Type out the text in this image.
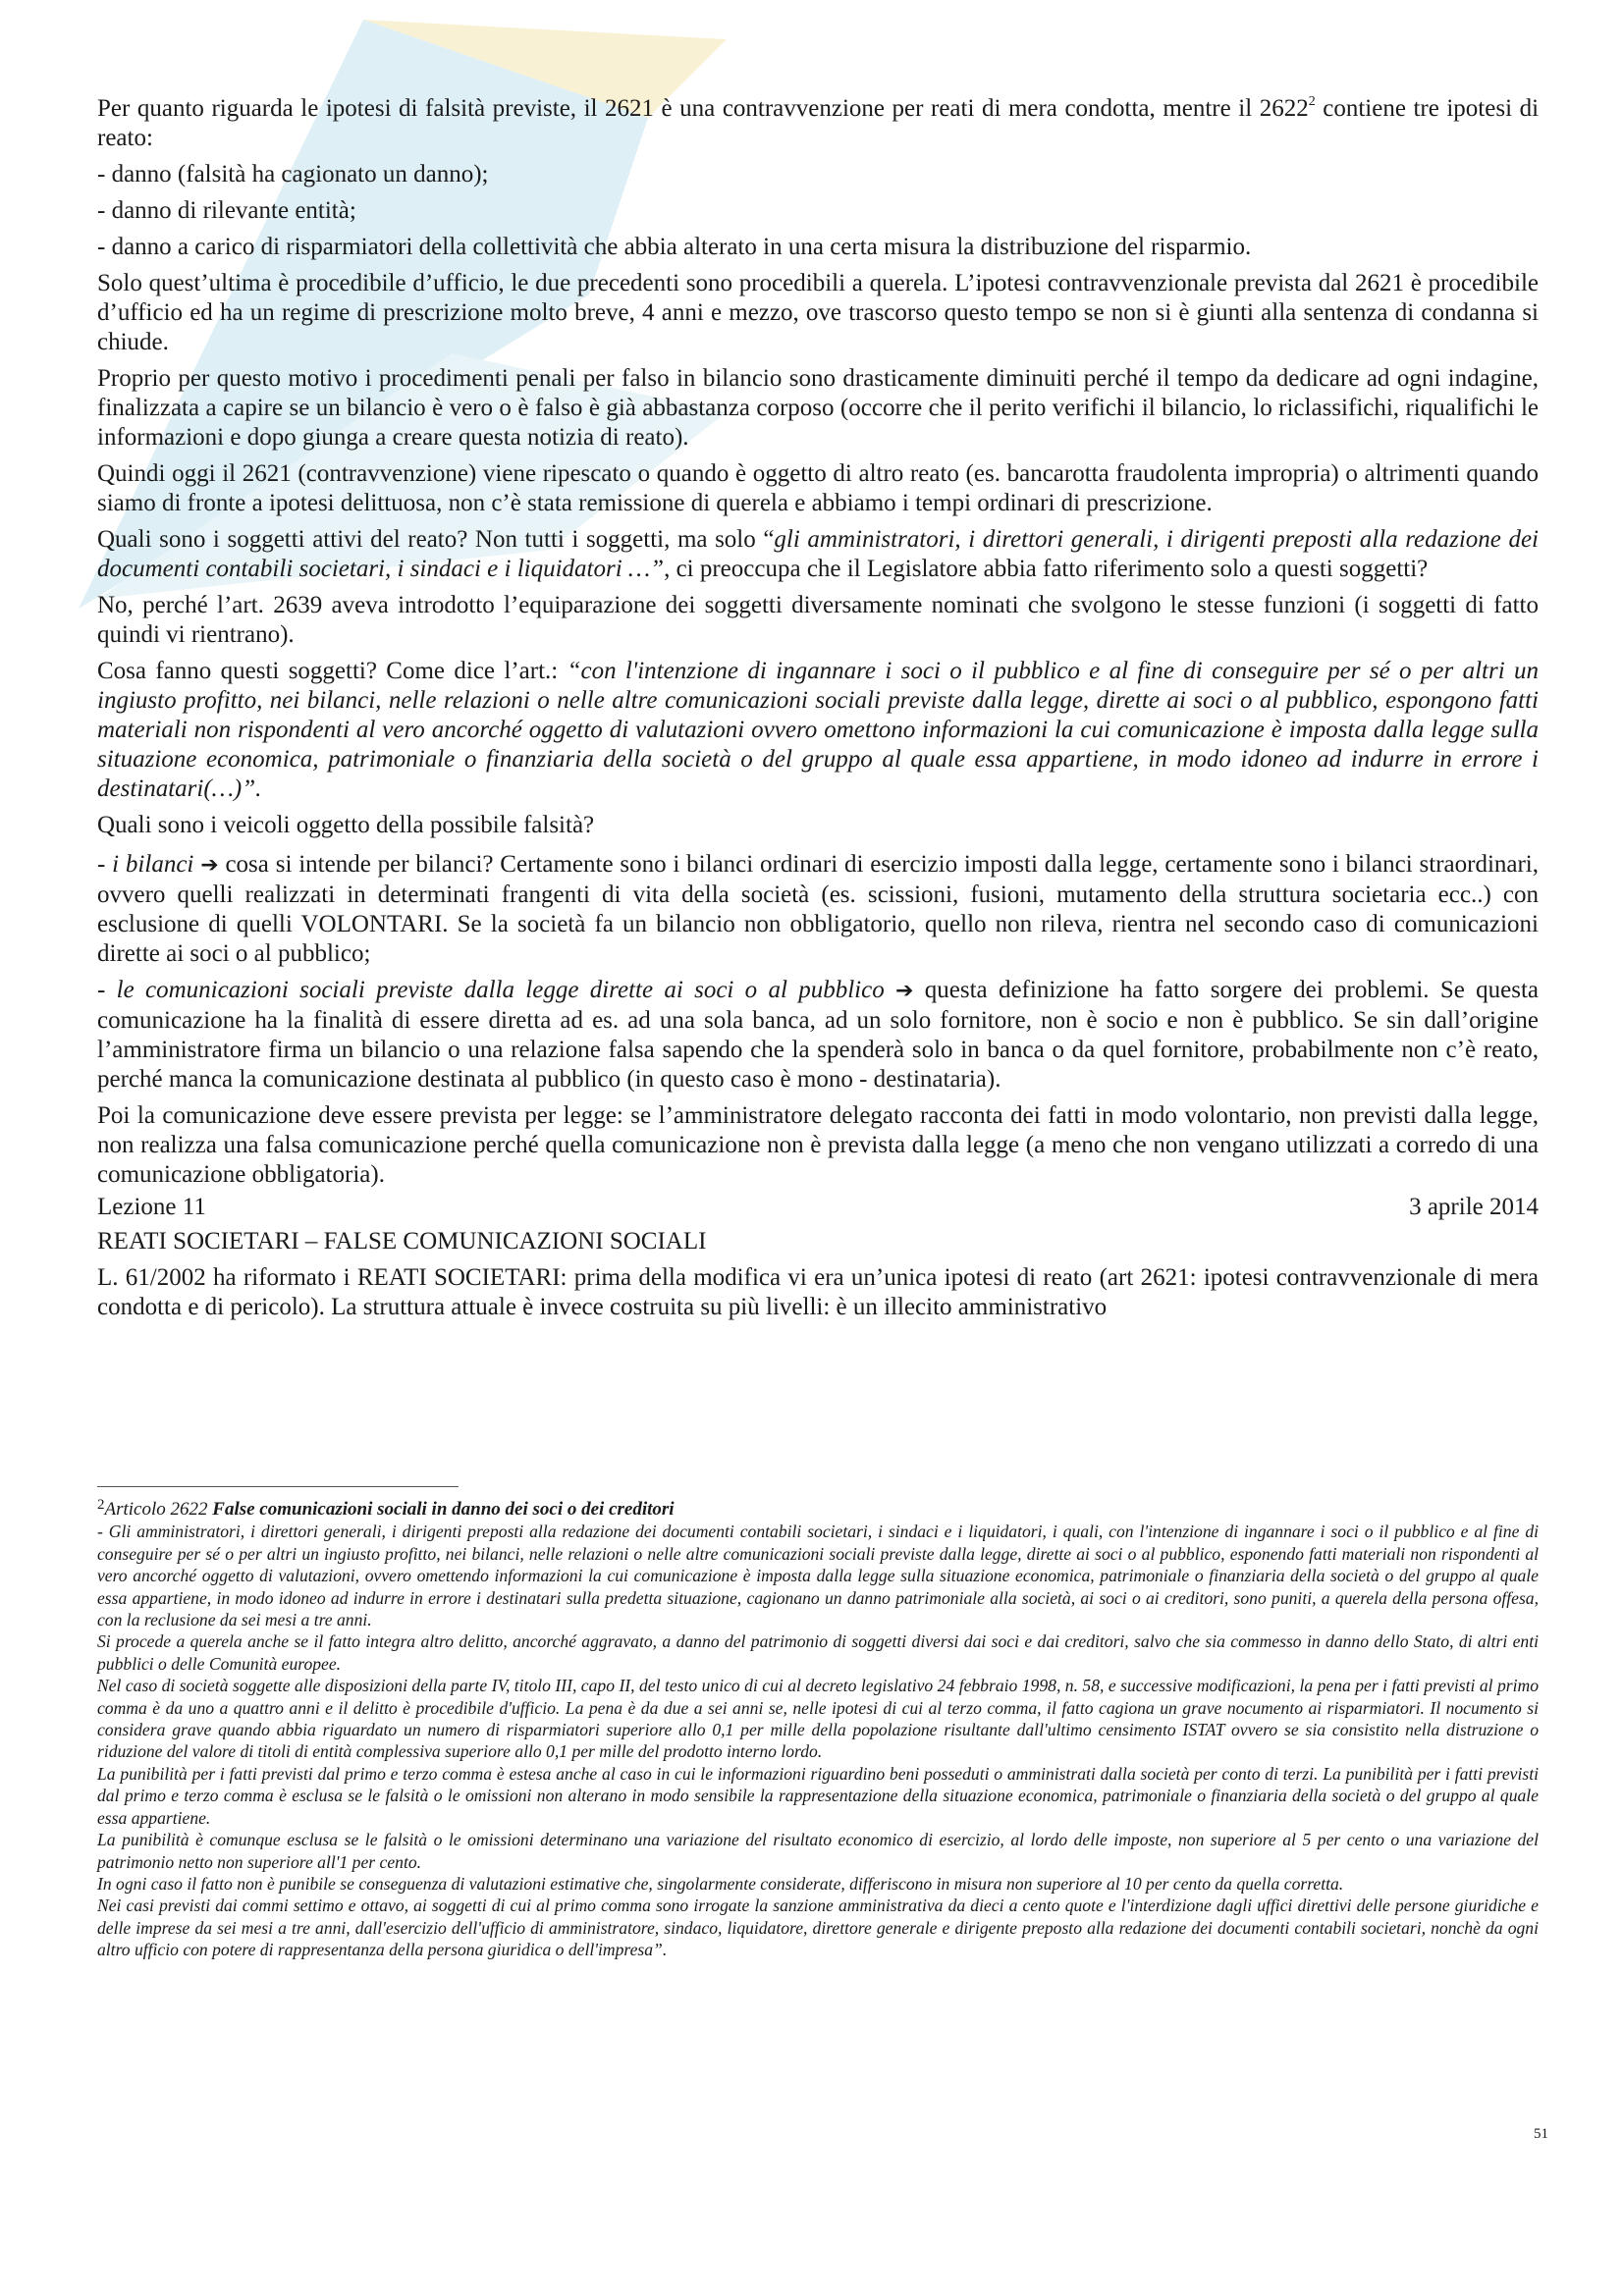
Per quanto riguarda le ipotesi di falsità previste, il 2621 è una contravvenzione per reati di mera condotta, mentre il 2622$^2$ contiene tre ipotesi di reato:

- danno (falsità ha cagionato un danno);

- danno di rilevante entità;

- danno a carico di risparmiatori della collettività che abbia alterato in una certa misura la distribuzione del risparmio.

Solo quest’ultima è procedibile d’ufficio, le due precedenti sono procedibili a querela. L’ipotesi contravvenzionale prevista dal 2621 è procedibile d’ufficio ed ha un regime di prescrizione molto breve, 4 anni e mezzo, ove trascorso questo tempo se non si è giunti alla sentenza di condanna si chiude.

Proprio per questo motivo i procedimenti penali per falso in bilancio sono drasticamente diminuiti perché il tempo da dedicare ad ogni indagine, finalizzata a capire se un bilancio è vero o è falso è già abbastanza corposo (occorre che il perito verifichi il bilancio, lo riclassifichi, riqualifichi le informazioni e dopo giunga a creare questa notizia di reato).

Quindi oggi il 2621 (contravvenzione) viene ripescato o quando è oggetto di altro reato (es. bancarotta fraudolenta impropria) o altrimenti quando siamo di fronte a ipotesi delittuosa, non c’è stata remissione di querela e abbiamo i tempi ordinari di prescrizione.

Quali sono i soggetti attivi del reato? Non tutti i soggetti, ma solo “gli amministratori, i direttori generali, i dirigenti preposti alla redazione dei documenti contabili societari, i sindaci e i liquidatori …”, ci preoccupa che il Legislatore abbia fatto riferimento solo a questi soggetti?

No, perché l’art. 2639 aveva introdotto l’equiparazione dei soggetti diversamente nominati che svolgono le stesse funzioni (i soggetti di fatto quindi vi rientrano).

Cosa fanno questi soggetti? Come dice l’art.: “con l'intenzione di ingannare i soci o il pubblico e al fine di conseguire per sé o per altri un ingiusto profitto, nei bilanci, nelle relazioni o nelle altre comunicazioni sociali previste dalla legge, dirette ai soci o al pubblico, espongono fatti materiali non rispondenti al vero ancorché oggetto di valutazioni ovvero omettono informazioni la cui comunicazione è imposta dalla legge sulla situazione economica, patrimoniale o finanziaria della società o del gruppo al quale essa appartiene, in modo idoneo ad indurre in errore i destinatari(…)”.

Quali sono i veicoli oggetto della possibile falsità?

- i bilanci ➔ cosa si intende per bilanci? Certamente sono i bilanci ordinari di esercizio imposti dalla legge, certamente sono i bilanci straordinari, ovvero quelli realizzati in determinati frangenti di vita della società (es. scissioni, fusioni, mutamento della struttura societaria ecc..) con esclusione di quelli VOLONTARI. Se la società fa un bilancio non obbligatorio, quello non rileva, rientra nel secondo caso di comunicazioni dirette ai soci o al pubblico;

- le comunicazioni sociali previste dalla legge dirette ai soci o al pubblico ➔ questa definizione ha fatto sorgere dei problemi. Se questa comunicazione ha la finalità di essere diretta ad es. ad una sola banca, ad un solo fornitore, non è socio e non è pubblico. Se sin dall’origine l’amministratore firma un bilancio o una relazione falsa sapendo che la spenderà solo in banca o da quel fornitore, probabilmente non c’è reato, perché manca la comunicazione destinata al pubblico (in questo caso è mono - destinataria).

Poi la comunicazione deve essere prevista per legge: se l’amministratore delegato racconta dei fatti in modo volontario, non previsti dalla legge, non realizza una falsa comunicazione perché quella comunicazione non è prevista dalla legge (a meno che non vengano utilizzati a corredo di una comunicazione obbligatoria).

Lezione 11	3 aprile 2014

REATI SOCIETARI – FALSE COMUNICAZIONI SOCIALI

L. 61/2002 ha riformato i REATI SOCIETARI: prima della modifica vi era un’unica ipotesi di reato (art 2621: ipotesi contravvenzionale di mera condotta e di pericolo). La struttura attuale è invece costruita su più livelli: è un illecito amministrativo

$^2$Articolo 2622 False comunicazioni sociali in danno dei soci o dei creditori

- Gli amministratori, i direttori generali, i dirigenti preposti alla redazione dei documenti contabili societari, i sindaci e i liquidatori, i quali, con l'intenzione di ingannare i soci o il pubblico e al fine di conseguire per sé o per altri un ingiusto profitto, nei bilanci, nelle relazioni o nelle altre comunicazioni sociali previste dalla legge, dirette ai soci o al pubblico, esponendo fatti materiali non rispondenti al vero ancorché oggetto di valutazioni, ovvero omettendo informazioni la cui comunicazione è imposta dalla legge sulla situazione economica, patrimoniale o finanziaria della società o del gruppo al quale essa appartiene, in modo idoneo ad indurre in errore i destinatari sulla predetta situazione, cagionano un danno patrimoniale alla società, ai soci o ai creditori, sono puniti, a querela della persona offesa, con la reclusione da sei mesi a tre anni.

Si procede a querela anche se il fatto integra altro delitto, ancorché aggravato, a danno del patrimonio di soggetti diversi dai soci e dai creditori, salvo che sia commesso in danno dello Stato, di altri enti pubblici o delle Comunità europee.

Nel caso di società soggette alle disposizioni della parte IV, titolo III, capo II, del testo unico di cui al decreto legislativo 24 febbraio 1998, n. 58, e successive modificazioni, la pena per i fatti previsti al primo comma è da uno a quattro anni e il delitto è procedibile d'ufficio. La pena è da due a sei anni se, nelle ipotesi di cui al terzo comma, il fatto cagiona un grave nocumento ai risparmiatori. Il nocumento si considera grave quando abbia riguardato un numero di risparmiatori superiore allo 0,1 per mille della popolazione risultante dall'ultimo censimento ISTAT ovvero se sia consistito nella distruzione o riduzione del valore di titoli di entità complessiva superiore allo 0,1 per mille del prodotto interno lordo.

La punibilità per i fatti previsti dal primo e terzo comma è estesa anche al caso in cui le informazioni riguardino beni posseduti o amministrati dalla società per conto di terzi. La punibilità per i fatti previsti dal primo e terzo comma è esclusa se le falsità o le omissioni non alterano in modo sensibile la rappresentazione della situazione economica, patrimoniale o finanziaria della società o del gruppo al quale essa appartiene.

La punibilità è comunque esclusa se le falsità o le omissioni determinano una variazione del risultato economico di esercizio, al lordo delle imposte, non superiore al 5 per cento o una variazione del patrimonio netto non superiore all'1 per cento.

In ogni caso il fatto non è punibile se conseguenza di valutazioni estimative che, singolarmente considerate, differiscono in misura non superiore al 10 per cento da quella corretta.

Nei casi previsti dai commi settimo e ottavo, ai soggetti di cui al primo comma sono irrogate la sanzione amministrativa da dieci a cento quote e l'interdizione dagli uffici direttivi delle persone giuridiche e delle imprese da sei mesi a tre anni, dall'esercizio dell'ufficio di amministratore, sindaco, liquidatore, direttore generale e dirigente preposto alla redazione dei documenti contabili societari, nonchè da ogni altro ufficio con potere di rappresentanza della persona giuridica o dell'impresa”.

51
